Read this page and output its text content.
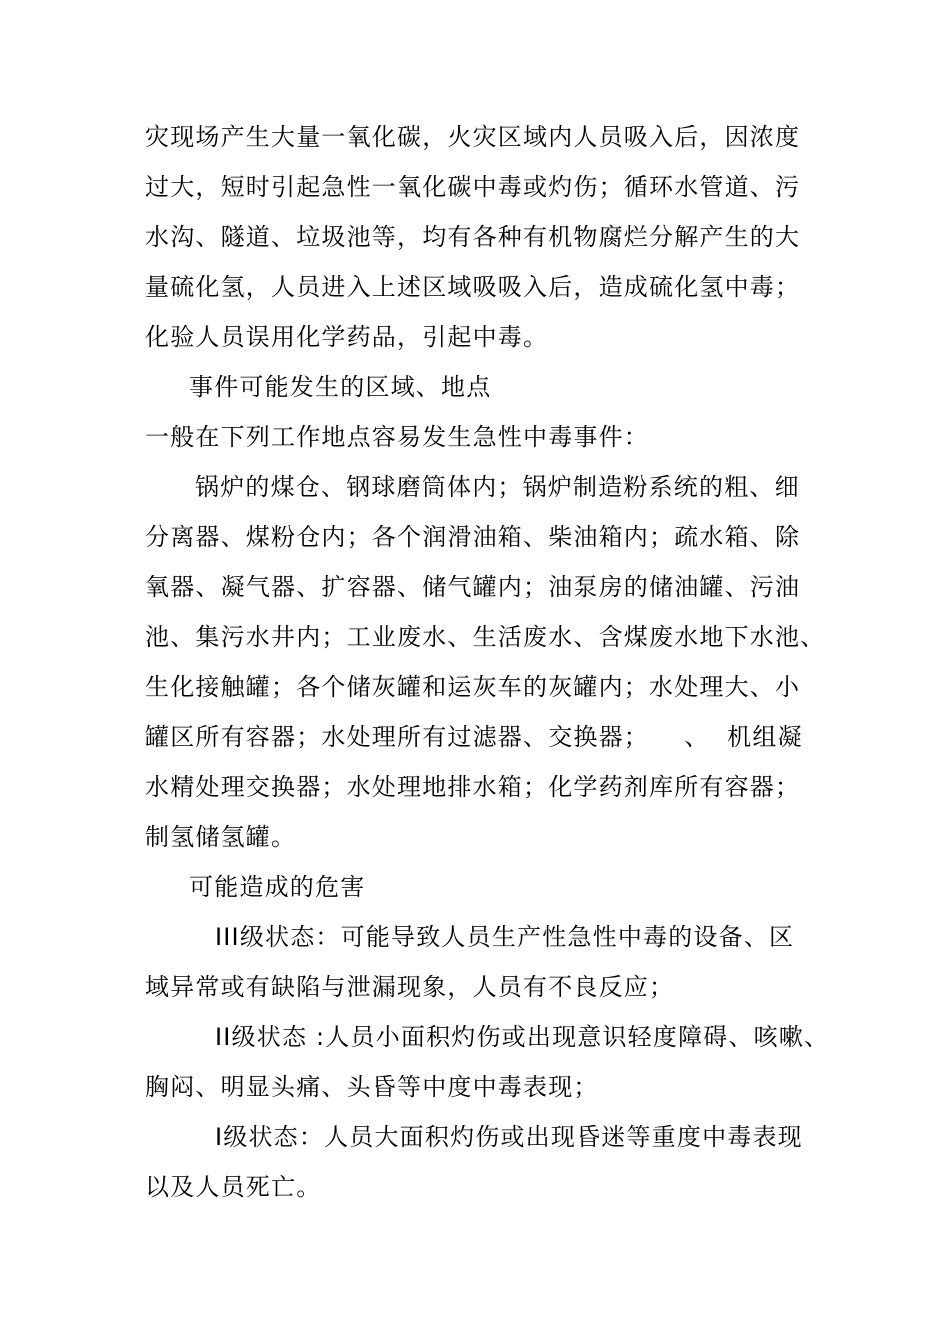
灾现场产生大量一氧化碳，火灾区域内人员吸入后，因浓度
过大，短时引起急性一氧化碳中毒或灼伤；循环水管道、污
水沟、隧道、垃圾池等，均有各种有机物腐烂分解产生的大
量硫化氢，人员进入上述区域吸吸入后，造成硫化氢中毒；
化验人员误用化学药品，引起中毒。
事件可能发生的区域、地点
一般在下列工作地点容易发生急性中毒事件：
锅炉的煤仓、钢球磨筒体内；锅炉制造粉系统的粗、细
分离器、煤粉仓内；各个润滑油箱、柴油箱内；疏水箱、除
氧器、凝气器、扩容器、储气罐内；油泵房的储油罐、污油
池、集污水井内；工业废水、生活废水、含煤废水地下水池、
生化接触罐；各个储灰罐和运灰车的灰罐内；水处理大、小
罐区所有容器；水处理所有过滤器、交换器；    、  机组凝
水精处理交换器；水处理地排水箱；化学药剂库所有容器；
制氢储氢罐。
可能造成的危害
III级状态：可能导致人员生产性急性中毒的设备、区
域异常或有缺陷与泄漏现象，人员有不良反应；
II级状态 :人员小面积灼伤或出现意识轻度障碍、咳嗽、
胸闷、明显头痛、头昏等中度中毒表现；
I级状态：人员大面积灼伤或出现昏迷等重度中毒表现
以及人员死亡。
